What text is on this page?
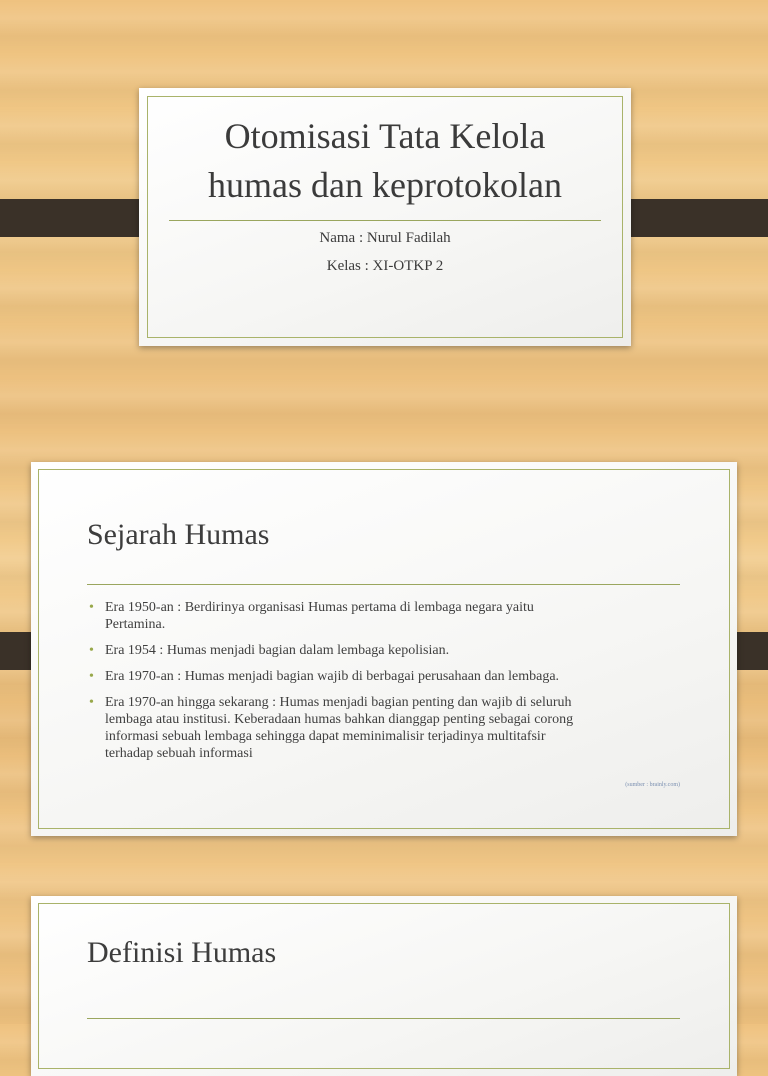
Otomisasi Tata Kelola
humas dan keprotokolan
Nama : Nurul Fadilah
Kelas : XI-OTKP 2
Sejarah Humas
• Era 1950-an : Berdirinya organisasi Humas pertama di lembaga negara yaitu
Pertamina.
• Era 1954 : Humas menjadi bagian dalam lembaga kepolisian.
• Era 1970-an : Humas menjadi bagian wajib di berbagai perusahaan dan lembaga.
• Era 1970-an hingga sekarang : Humas menjadi bagian penting dan wajib di seluruh
lembaga atau institusi. Keberadaan humas bahkan dianggap penting sebagai corong
informasi sebuah lembaga sehingga dapat meminimalisir terjadinya multitafsir
terhadap sebuah informasi
(sumber : brainly.com)
Definisi Humas
